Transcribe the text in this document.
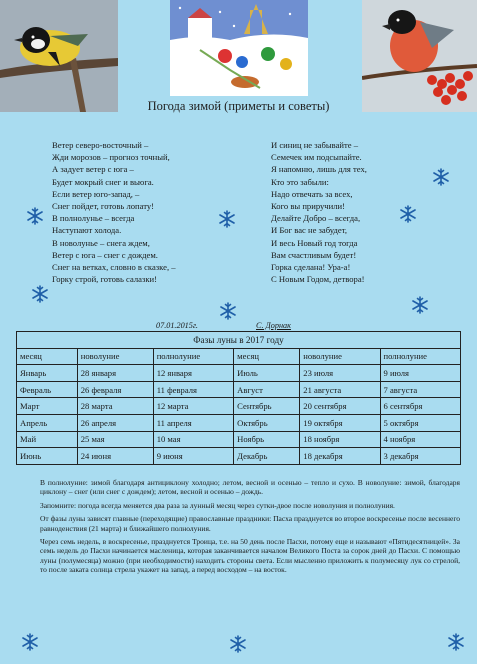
Погода зимой (приметы и советы)
Ветер северо-восточный –
Жди морозов – прогноз точный,
А задует ветер с юга –
Будет мокрый снег и вьюга.
Если ветер юго-запад, –
Снег пойдет, готовь лопату!
В полнолунье – всегда
Наступают холода.
В новолунье – снега ждем,
Ветер с юга – снег с дождем.
Снег на ветках, словно в сказке, –
Горку строй, готовь салазки!
И синиц не забывайте –
Семечек им подсыпайте.
Я напомню, лишь для тех,
Кто это забыли:
Надо отвечать за всех,
Кого вы приручили!
Делайте Добро – всегда,
И Бог вас не забудет,
И весь Новый год тогда
Вам счастливым будет!
Горка сделана! Ура-а!
С Новым Годом, детвора!
07.01.2015г.	С. Дорнак
Фазы луны в 2017 году					
месяц	новолуние	полнолуние	месяц	новолуние	полнолуние
Январь	28 января	12 января	Июль	23 июля	9 июля
Февраль	26 февраля	11 февраля	Август	21 августа	7 августа
Март	28 марта	12 марта	Сентябрь	20 сентября	6 сентября
Апрель	26 апреля	11 апреля	Октябрь	19 октября	5 октября
Май	25 мая	10 мая	Ноябрь	18 ноября	4 ноября
Июнь	24 июня	9 июня	Декабрь	18 декабря	3 декабря

В полнолуние: зимой благодаря антициклону холодно; летом, весной и осенью – тепло и сухо. В новолуние: зимой, благодаря циклону – снег (или снег с дождем); летом, весной и осенью – дождь.

Запомните: погода всегда меняется два раза за лунный месяц через сутки-двое после новолуния и полнолуния.

От фазы луны зависят главные (переходящие) православные праздники: Пасха празднуется во второе воскресенье после весеннего равноденствия (21 марта) и ближайшего полнолуния.

Через семь недель, в воскресенье, празднуется Троица, т.е. на 50 день после Пасхи, потому еще и называют «Пятидесятницей». За семь недель до Пасхи начинается масленица, которая заканчивается началом Великого Поста за сорок дней до Пасхи. С помощью луны (полумесяца) можно (при необходимости) находить стороны света. Если мысленно приложить к полумесяцу лук со стрелой, то после заката солнца стрела укажет на запад, а перед восходом – на восток.
